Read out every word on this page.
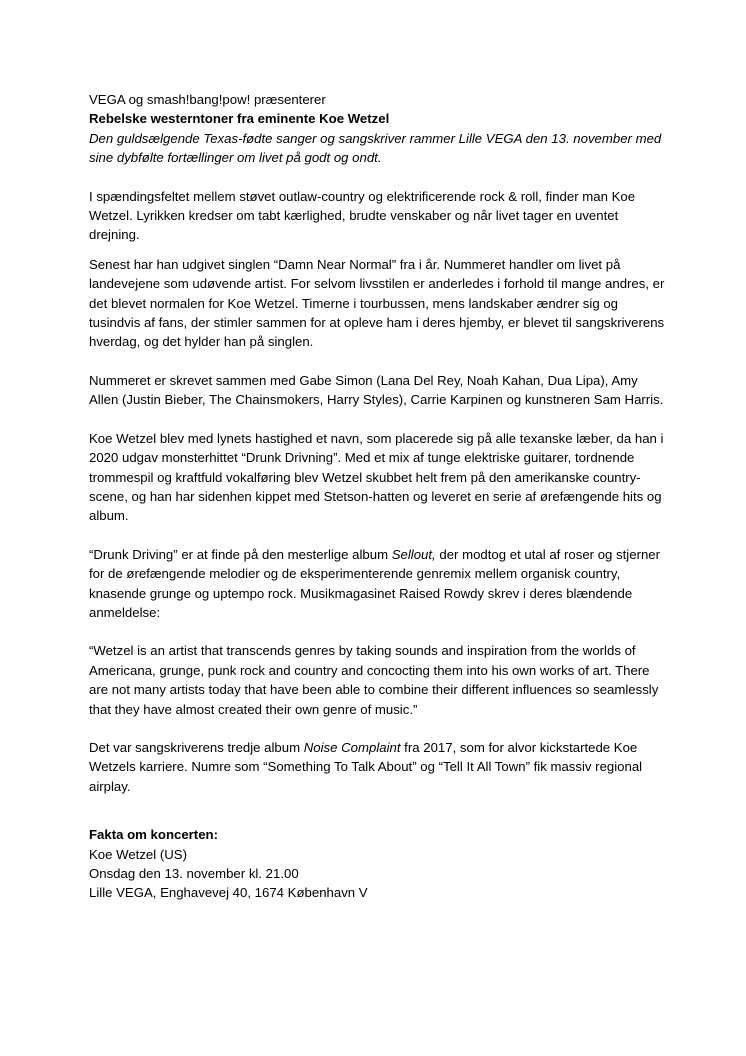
VEGA og smash!bang!pow! præsenterer

Rebelske westerntoner fra eminente Koe Wetzel

Den guldsælgende Texas-fødte sanger og sangskriver rammer Lille VEGA den 13. november med sine dybfølte fortællinger om livet på godt og ondt.

I spændingsfeltet mellem støvet outlaw-country og elektrificerende rock & roll, finder man Koe Wetzel. Lyrikken kredser om tabt kærlighed, brudte venskaber og når livet tager en uventet drejning.

Senest har han udgivet singlen “Damn Near Normal” fra i år. Nummeret handler om livet på landevejene som udøvende artist. For selvom livsstilen er anderledes i forhold til mange andres, er det blevet normalen for Koe Wetzel. Timerne i tourbussen, mens landskaber ændrer sig og tusindvis af fans, der stimler sammen for at opleve ham i deres hjemby, er blevet til sangskriverens hverdag, og det hylder han på singlen.

Nummeret er skrevet sammen med Gabe Simon (Lana Del Rey, Noah Kahan, Dua Lipa), Amy Allen (Justin Bieber, The Chainsmokers, Harry Styles), Carrie Karpinen og kunstneren Sam Harris.

Koe Wetzel blev med lynets hastighed et navn, som placerede sig på alle texanske læber, da han i 2020 udgav monsterhittet “Drunk Drivning”. Med et mix af tunge elektriske guitarer, tordnende trommespil og kraftfuld vokalføring blev Wetzel skubbet helt frem på den amerikanske country-scene, og han har sidenhen kippet med Stetson-hatten og leveret en serie af ørefængende hits og album.

“Drunk Driving” er at finde på den mesterlige album Sellout, der modtog et utal af roser og stjerner for de ørefængende melodier og de eksperimenterende genremix mellem organisk country, knasende grunge og uptempo rock. Musikmagasinet Raised Rowdy skrev i deres blændende anmeldelse:

“Wetzel is an artist that transcends genres by taking sounds and inspiration from the worlds of Americana, grunge, punk rock and country and concocting them into his own works of art. There are not many artists today that have been able to combine their different influences so seamlessly that they have almost created their own genre of music.”

Det var sangskriverens tredje album Noise Complaint fra 2017, som for alvor kickstartede Koe Wetzels karriere. Numre som “Something To Talk About” og “Tell It All Town” fik massiv regional airplay.

Fakta om koncerten:

Koe Wetzel (US)

Onsdag den 13. november kl. 21.00

Lille VEGA, Enghavevej 40, 1674 København V
